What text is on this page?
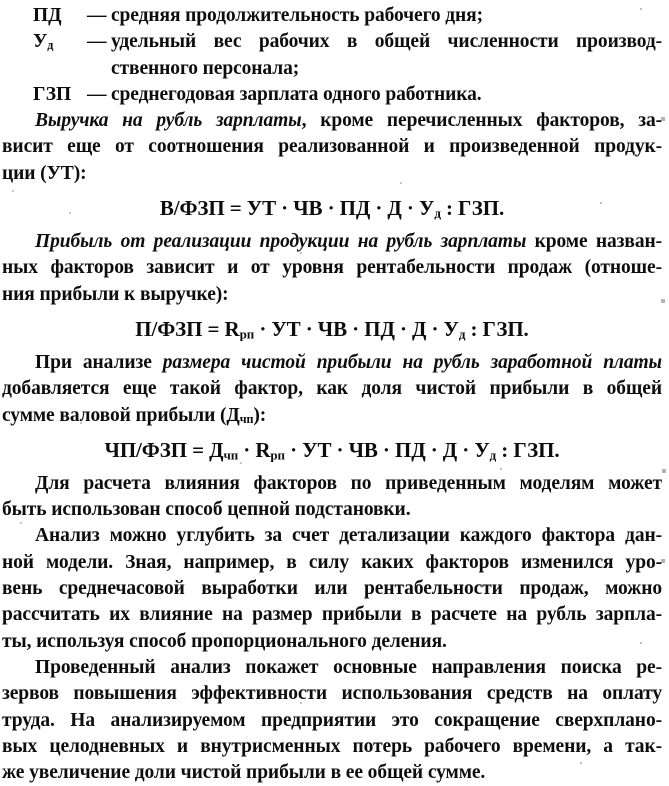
ПД	— средняя продолжительность рабочего дня;
$У_д$	— удельный вес рабочих в общей численности производ-
ственного персонала;
ГЗП — среднегодовая зарплата одного работника.
Выручка на рубль зарплаты, кроме перечисленных факторов, за-
висит еще от соотношения реализованной и произведенной продук-
ции (УТ):
В/ФЗП = УТ · ЧВ · ПД · $Д \cdot У_д$ : ГЗП.
Прибыль от реализации продукции на рубль зарплаты кроме назван-
ных факторов зависит и от уровня рентабельности продаж (отноше-
ния прибыли к выручке):
$П/ФЗП = R_{рп}$ · УТ · ЧВ · ПД · $Д \cdot У_д$ : ГЗП.
При анализе размера чистой прибыли на рубль заработной платы
добавляется еще такой фактор, как доля чистой прибыли в общей
сумме валовой прибыли $(Д_{чп})$:
$ЧП/ФЗП = Д_{чп} \cdot R_{рп}$ · УТ · ЧВ · ПД · $Д \cdot У_д$ : ГЗП.
Для расчета влияния факторов по приведенным моделям может
быть использован способ цепной подстановки.
Анализ можно углубить за счет детализации каждого фактора дан-
ной модели. Зная, например, в силу каких факторов изменился уро-
вень среднечасовой выработки или рентабельности продаж, можно
рассчитать их влияние на размер прибыли в расчете на рубль зарпла-
ты, используя способ пропорционального деления.
Проведенный анализ покажет основные направления поиска ре-
зервов повышения эффективности использования средств на оплату
труда. На анализируемом предприятии это сокращение сверхплано-
вых целодневных и внутрисменных потерь рабочего времени, а так-
же увеличение доли чистой прибыли в ее общей сумме.
